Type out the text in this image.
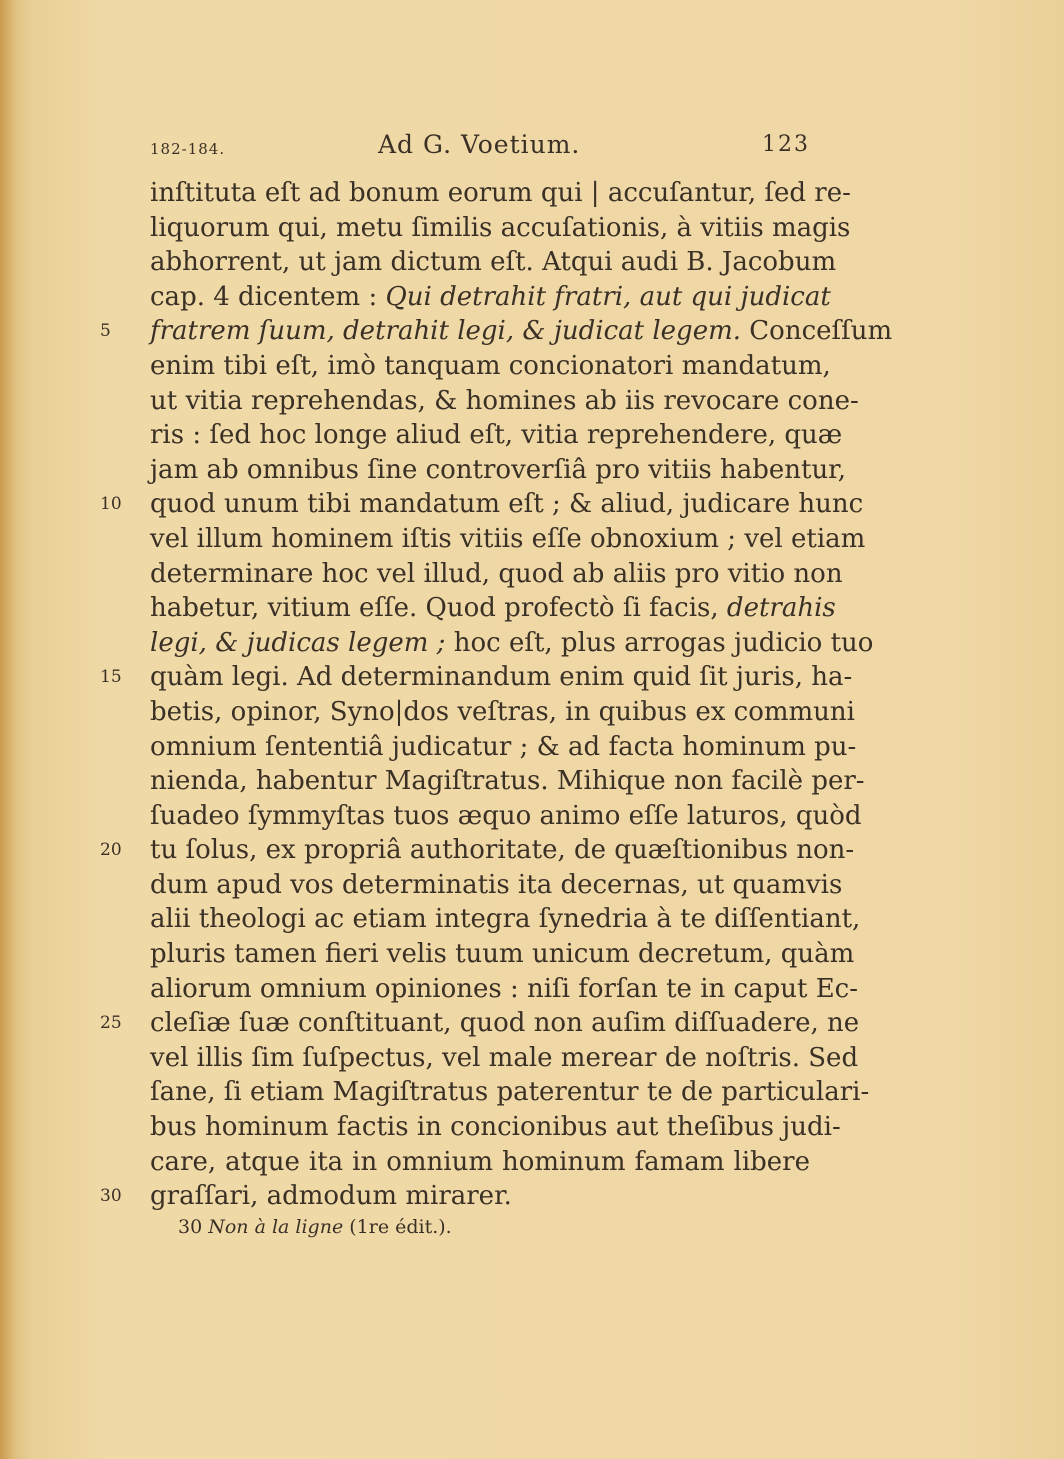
182-184.	Ad G. Voetium.	123
inſtituta eſt ad bonum eorum qui | accuſantur, ſed re-
liquorum qui, metu ſimilis accuſationis, à vitiis magis
abhorrent, ut jam dictum eſt. Atqui audi B. Jacobum
cap. 4 dicentem : Qui detrahit fratri, aut qui judicat
5	fratrem ſuum, detrahit legi, & judicat legem. Conceſſum
enim tibi eſt, imò tanquam concionatori mandatum,
ut vitia reprehendas, & homines ab iis revocare cone-
ris : ſed hoc longe aliud eſt, vitia reprehendere, quæ
jam ab omnibus ſine controverſiâ pro vitiis habentur,
10	quod unum tibi mandatum eſt ; & aliud, judicare hunc
vel illum hominem iſtis vitiis eſſe obnoxium ; vel etiam
determinare hoc vel illud, quod ab aliis pro vitio non
habetur, vitium eſſe. Quod profectò ſi facis, detrahis
legi, & judicas legem ; hoc eſt, plus arrogas judicio tuo
15	quàm legi. Ad determinandum enim quid ſit juris, ha-
betis, opinor, Syno|dos veſtras, in quibus ex communi
omnium ſententiâ judicatur ; & ad facta hominum pu-
nienda, habentur Magiſtratus. Mihique non facilè per-
ſuadeo ſymmyſtas tuos æquo animo eſſe laturos, quòd
20	tu ſolus, ex propriâ authoritate, de quæſtionibus non-
dum apud vos determinatis ita decernas, ut quamvis
alii theologi ac etiam integra ſynedria à te diſſentiant,
pluris tamen fieri velis tuum unicum decretum, quàm
aliorum omnium opiniones : niſi forſan te in caput Ec-
25	cleſiæ ſuæ conſtituant, quod non auſim diſſuadere, ne
vel illis ſim ſuſpectus, vel male merear de noſtris. Sed
ſane, ſi etiam Magiſtratus paterentur te de particulari-
bus hominum factis in concionibus aut theſibus judi-
care, atque ita in omnium hominum famam libere
30	graſſari, admodum mirarer.
30 Non à la ligne (1re édit.).
